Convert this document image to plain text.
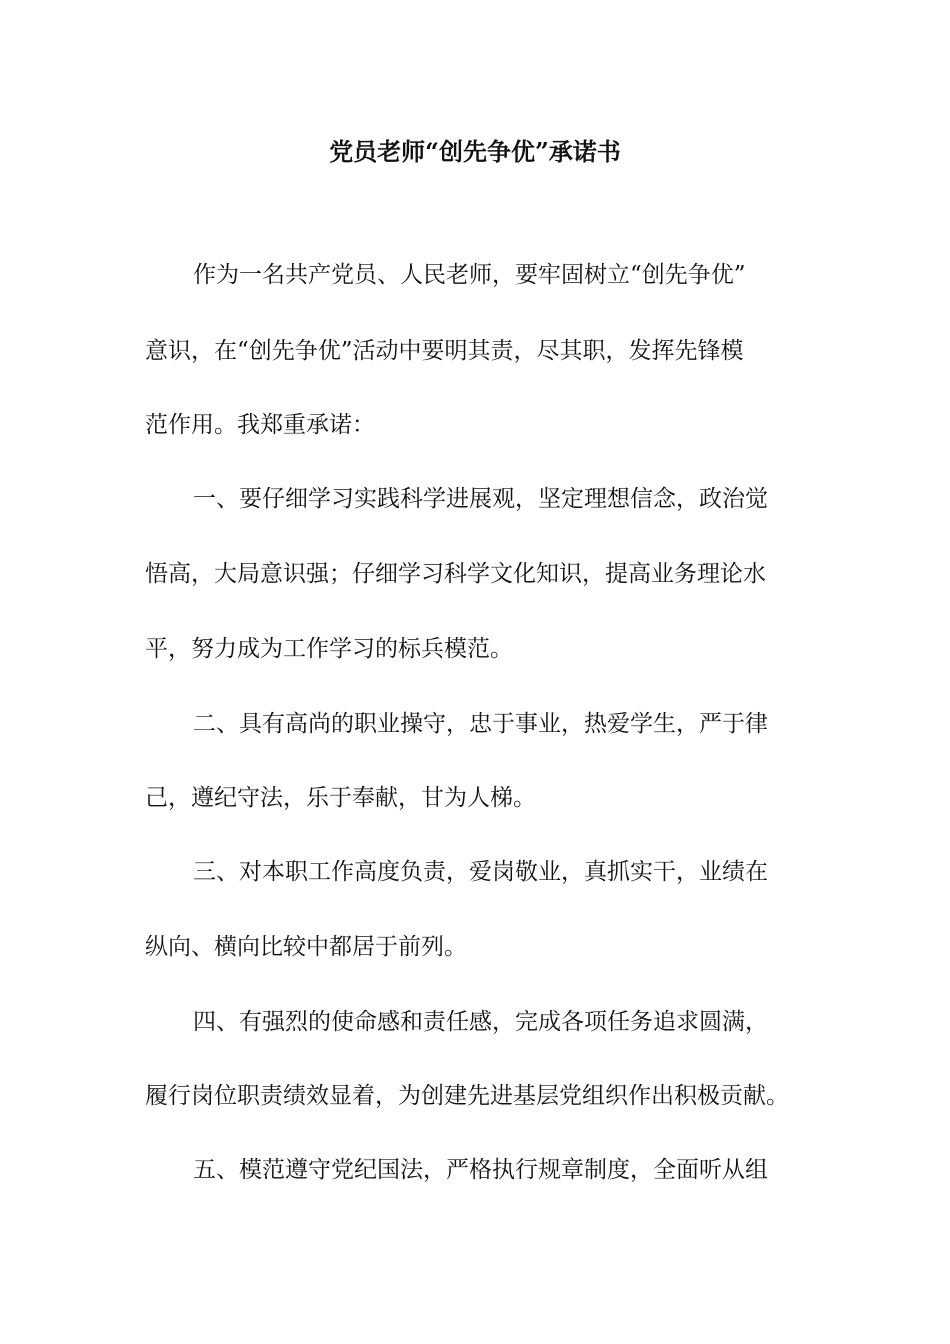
党员老师“创先争优”承诺书
作为一名共产党员、人民老师，要牢固树立“创先争优”
意识，在“创先争优”活动中要明其责，尽其职，发挥先锋模
范作用。我郑重承诺：
一、要仔细学习实践科学进展观，坚定理想信念，政治觉
悟高，大局意识强；仔细学习科学文化知识，提高业务理论水
平，努力成为工作学习的标兵模范。
二、具有高尚的职业操守，忠于事业，热爱学生，严于律
己，遵纪守法，乐于奉献，甘为人梯。
三、对本职工作高度负责，爱岗敬业，真抓实干，业绩在
纵向、横向比较中都居于前列。
四、有强烈的使命感和责任感，完成各项任务追求圆满，
履行岗位职责绩效显着，为创建先进基层党组织作出积极贡献。
五、模范遵守党纪国法，严格执行规章制度，全面听从组
